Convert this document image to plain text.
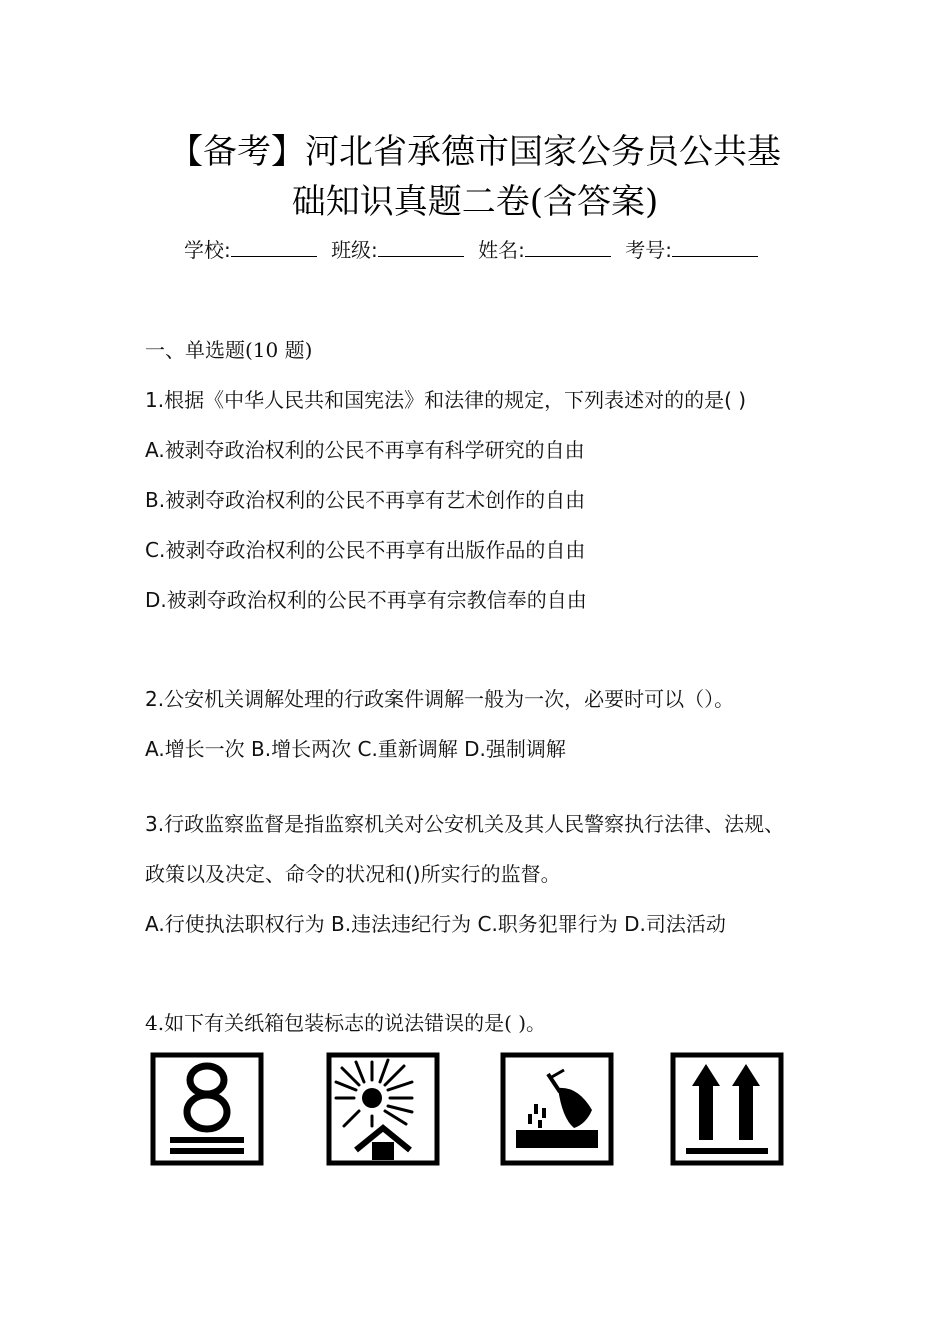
【备考】河北省承德市国家公务员公共基
础知识真题二卷(含答案)
学校:	班级:	姓名:	考号:
一、单选题(10 题)
1.根据《中华人民共和国宪法》和法律的规定，下列表述对的的是( )
A.被剥夺政治权利的公民不再享有科学研究的自由
B.被剥夺政治权利的公民不再享有艺术创作的自由
C.被剥夺政治权利的公民不再享有出版作品的自由
D.被剥夺政治权利的公民不再享有宗教信奉的自由
2.公安机关调解处理的行政案件调解一般为一次，必要时可以（）。
A.增长一次 B.增长两次 C.重新调解 D.强制调解
3.行政监察监督是指监察机关对公安机关及其人民警察执行法律、法规、
政策以及决定、命令的状况和()所实行的监督。
A.行使执法职权行为 B.违法违纪行为 C.职务犯罪行为 D.司法活动
4.如下有关纸箱包装标志的说法错误的是( )。
